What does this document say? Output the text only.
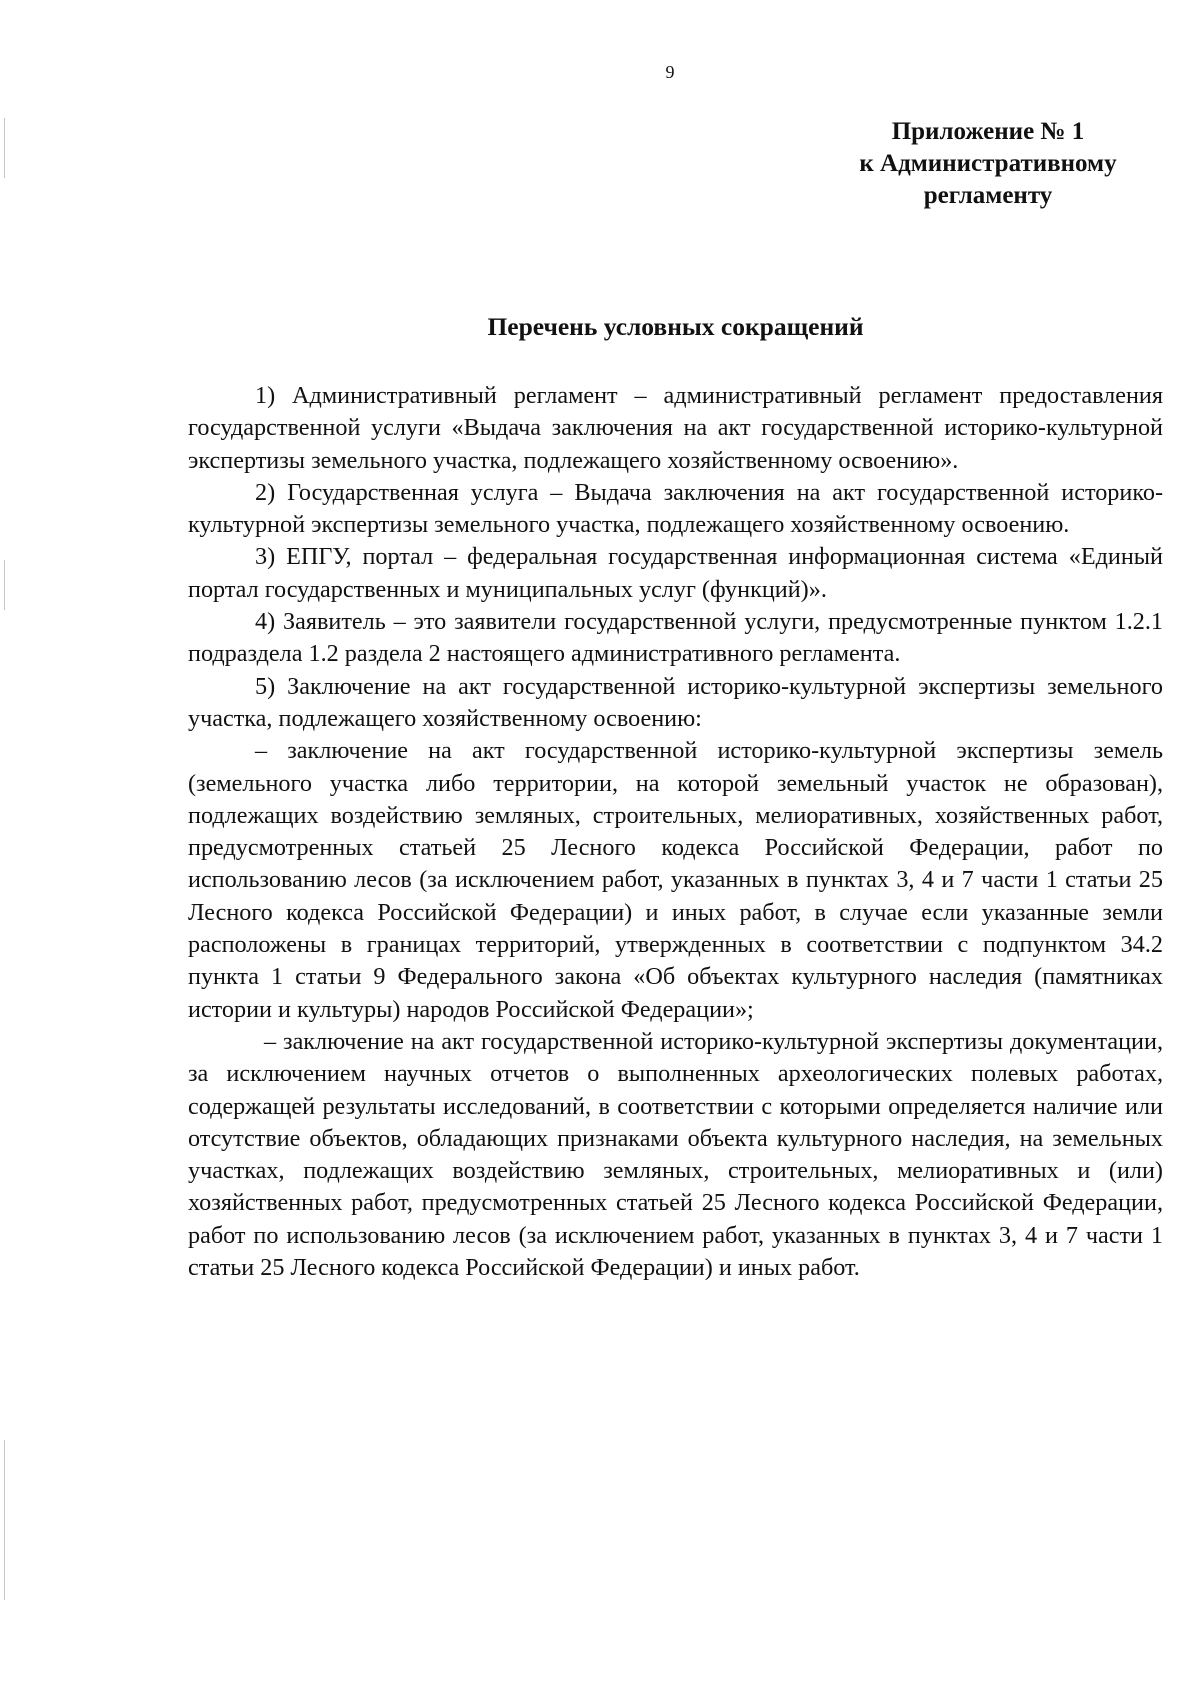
9
Приложение № 1
к Административному
регламенту
Перечень условных сокращений

1) Административный регламент – административный регламент предоставления государственной услуги «Выдача заключения на акт государственной историко-культурной экспертизы земельного участка, подлежащего хозяйственному освоению».

2) Государственная услуга – Выдача заключения на акт государственной историко-культурной экспертизы земельного участка, подлежащего хозяйственному освоению.

3) ЕПГУ, портал – федеральная государственная информационная система «Единый портал государственных и муниципальных услуг (функций)».

4) Заявитель – это заявители государственной услуги, предусмотренные пунктом 1.2.1 подраздела 1.2 раздела 2 настоящего административного регламента.

5) Заключение на акт государственной историко-культурной экспертизы земельного участка, подлежащего хозяйственному освоению:

– заключение на акт государственной историко-культурной экспертизы земель (земельного участка либо территории, на которой земельный участок не образован), подлежащих воздействию земляных, строительных, мелиоративных, хозяйственных работ, предусмотренных статьей 25 Лесного кодекса Российской Федерации, работ по использованию лесов (за исключением работ, указанных в пунктах 3, 4 и 7 части 1 статьи 25 Лесного кодекса Российской Федерации) и иных работ, в случае если указанные земли расположены в границах территорий, утвержденных в соответствии с подпунктом 34.2 пункта 1 статьи 9 Федерального закона «Об объектах культурного наследия (памятниках истории и культуры) народов Российской Федерации»;

– заключение на акт государственной историко-культурной экспертизы документации, за исключением научных отчетов о выполненных археологических полевых работах, содержащей результаты исследований, в соответствии с которыми определяется наличие или отсутствие объектов, обладающих признаками объекта культурного наследия, на земельных участках, подлежащих воздействию земляных, строительных, мелиоративных и (или) хозяйственных работ, предусмотренных статьей 25 Лесного кодекса Российской Федерации, работ по использованию лесов (за исключением работ, указанных в пунктах 3, 4 и 7 части 1 статьи 25 Лесного кодекса Российской Федерации) и иных работ.
